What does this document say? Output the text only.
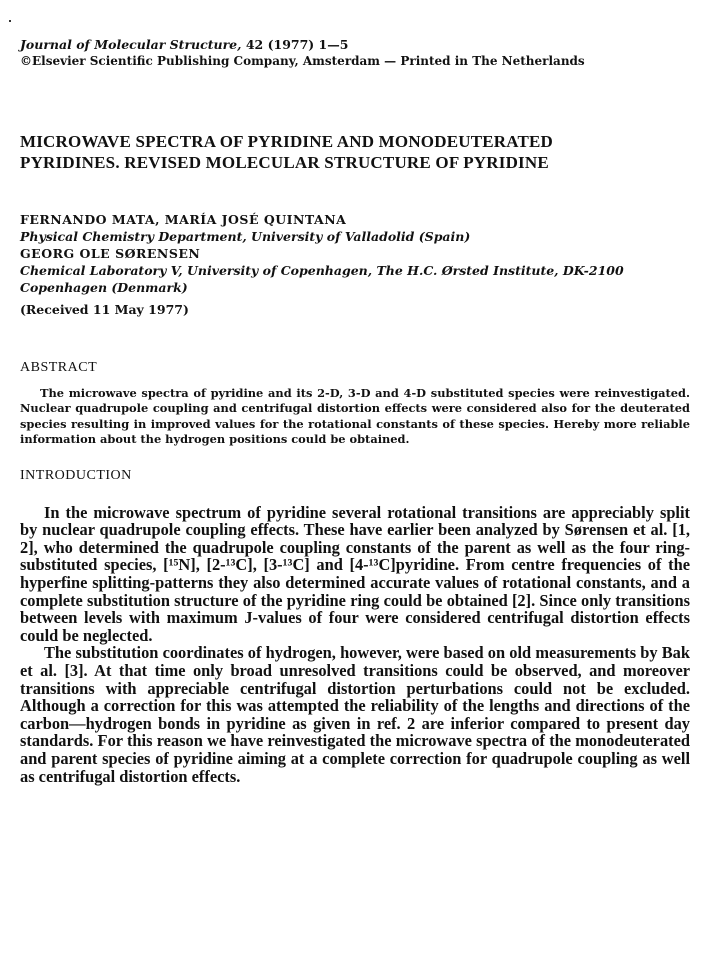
Journal of Molecular Structure, 42 (1977) 1—5
©Elsevier Scientific Publishing Company, Amsterdam — Printed in The Netherlands
MICROWAVE SPECTRA OF PYRIDINE AND MONODEUTERATED
PYRIDINES. REVISED MOLECULAR STRUCTURE OF PYRIDINE
FERNANDO MATA, MARÍA JOSÉ QUINTANA
Physical Chemistry Department, University of Valladolid (Spain)
GEORG OLE SØRENSEN
Chemical Laboratory V, University of Copenhagen, The H.C. Ørsted Institute, DK-2100
Copenhagen (Denmark)
(Received 11 May 1977)
ABSTRACT
The microwave spectra of pyridine and its 2-D, 3-D and 4-D substituted species were reinvestigated. Nuclear quadrupole coupling and centrifugal distortion effects were considered also for the deuterated species resulting in improved values for the rotational constants of these species. Hereby more reliable information about the hydrogen positions could be obtained.
INTRODUCTION
In the microwave spectrum of pyridine several rotational transitions are appreciably split by nuclear quadrupole coupling effects. These have earlier been analyzed by Sørensen et al. [1, 2], who determined the quadrupole coupling constants of the parent as well as the four ring-substituted species, [¹⁵N], [2-¹³C], [3-¹³C] and [4-¹³C]pyridine. From centre frequencies of the hyperfine splitting-patterns they also determined accurate values of rotational constants, and a complete substitution structure of the pyridine ring could be obtained [2]. Since only transitions between levels with maximum J-values of four were considered centrifugal distortion effects could be neglected.
The substitution coordinates of hydrogen, however, were based on old measurements by Bak et al. [3]. At that time only broad unresolved transitions could be observed, and moreover transitions with appreciable centrifugal distortion perturbations could not be excluded. Although a correction for this was attempted the reliability of the lengths and directions of the carbon—hydrogen bonds in pyridine as given in ref. 2 are inferior compared to present day standards. For this reason we have reinvestigated the microwave spectra of the monodeuterated and parent species of pyridine aiming at a complete correction for quadrupole coupling as well as centrifugal distortion effects.
